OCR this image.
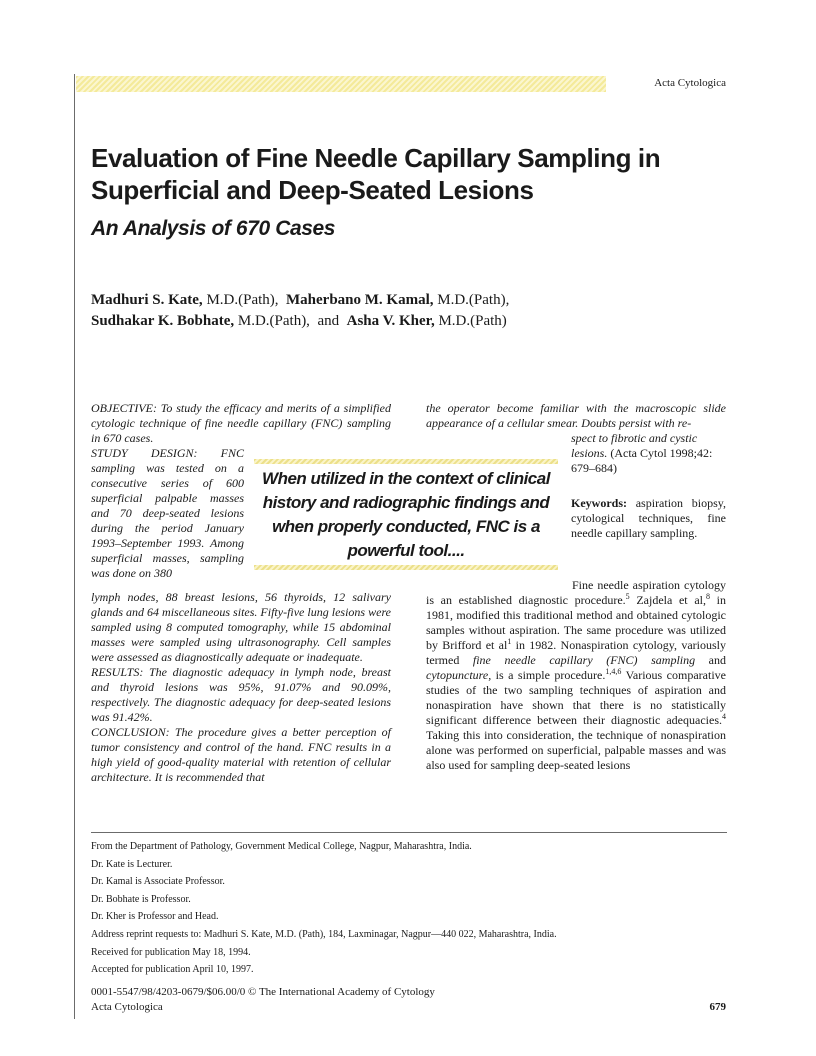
Acta Cytologica
Evaluation of Fine Needle Capillary Sampling in Superficial and Deep-Seated Lesions
An Analysis of 670 Cases
Madhuri S. Kate, M.D.(Path), Maherbano M. Kamal, M.D.(Path),
Sudhakar K. Bobhate, M.D.(Path), and Asha V. Kher, M.D.(Path)

OBJECTIVE: To study the efficacy and merits of a simplified cytologic technique of fine needle capillary (FNC) sampling in 670 cases.

STUDY DESIGN: FNC sampling was tested on a consecutive series of 600 superficial palpable masses and 70 deep-seated lesions during the period January 1993–September 1993. Among superficial masses, sampling was done on 380

lymph nodes, 88 breast lesions, 56 thyroids, 12 salivary glands and 64 miscellaneous sites. Fifty-five lung lesions were sampled using 8 computed tomography, while 15 abdominal masses were sampled using ultrasonography. Cell samples were assessed as diagnostically adequate or inadequate.
RESULTS: The diagnostic adequacy in lymph node, breast and thyroid lesions was 95%, 91.07% and 90.09%, respectively. The diagnostic adequacy for deep-seated lesions was 91.42%.
CONCLUSION: The procedure gives a better perception of tumor consistency and control of the hand. FNC results in a high yield of good-quality material with retention of cellular architecture. It is recommended that

the operator become familiar with the macroscopic slide appearance of a cellular smear. Doubts persist with re-

spect to fibrotic and cystic lesions. (Acta Cytol 1998;42: 679–684)

Keywords: aspiration biopsy, cytological techniques, fine needle capillary sampling.

When utilized in the context of clinical history and radiographic findings and when properly conducted, FNC is a powerful tool....

Fine needle aspiration cytology is an established diagnostic procedure.$^5$ Zajdela et al,$^8$ in 1981, modified this traditional method and obtained cytologic samples without aspiration. The same procedure was utilized by Brifford et $al^1$ in 1982. Nonaspiration cytology, variously termed fine needle capillary (FNC) sampling and cytopuncture, is a simple procedure.$^{1,4,6}$ Various comparative studies of the two sampling techniques of aspiration and nonaspiration have shown that there is no statistically significant difference between their diagnostic adequacies.$^4$ Taking this into consideration, the technique of nonaspiration alone was performed on superficial, palpable masses and was also used for sampling deep-seated lesions

From the Department of Pathology, Government Medical College, Nagpur, Maharashtra, India.
Dr. Kate is Lecturer.
Dr. Kamal is Associate Professor.
Dr. Bobhate is Professor.
Dr. Kher is Professor and Head.
Address reprint requests to: Madhuri S. Kate, M.D. (Path), 184, Laxminagar, Nagpur—440 022, Maharashtra, India.
Received for publication May 18, 1994.
Accepted for publication April 10, 1997.
0001-5547/98/4203-0679/$06.00/0 © The International Academy of Cytology
Acta Cytologica	679
